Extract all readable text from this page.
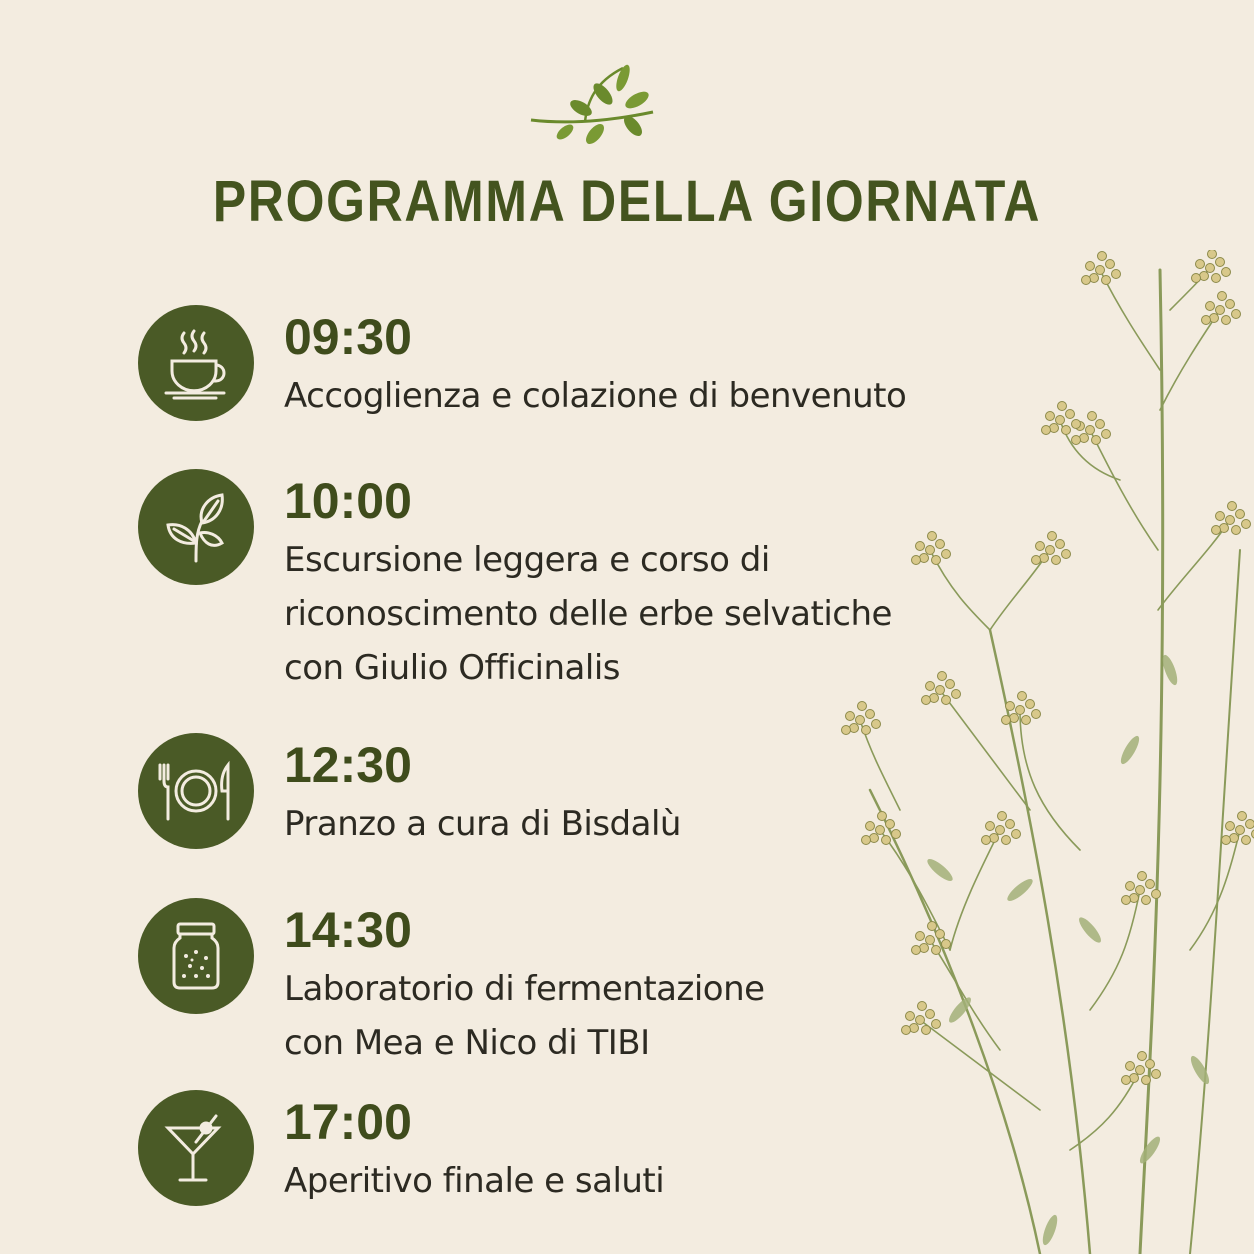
PROGRAMMA DELLA GIORNATA
09:30
Accoglienza e colazione di benvenuto
10:00
Escursione leggera e corso di
riconoscimento delle erbe selvatiche
con Giulio Officinalis
12:30
Pranzo a cura di Bisdalù
14:30
Laboratorio di fermentazione
con Mea e Nico di TIBI
17:00
Aperitivo finale e saluti
